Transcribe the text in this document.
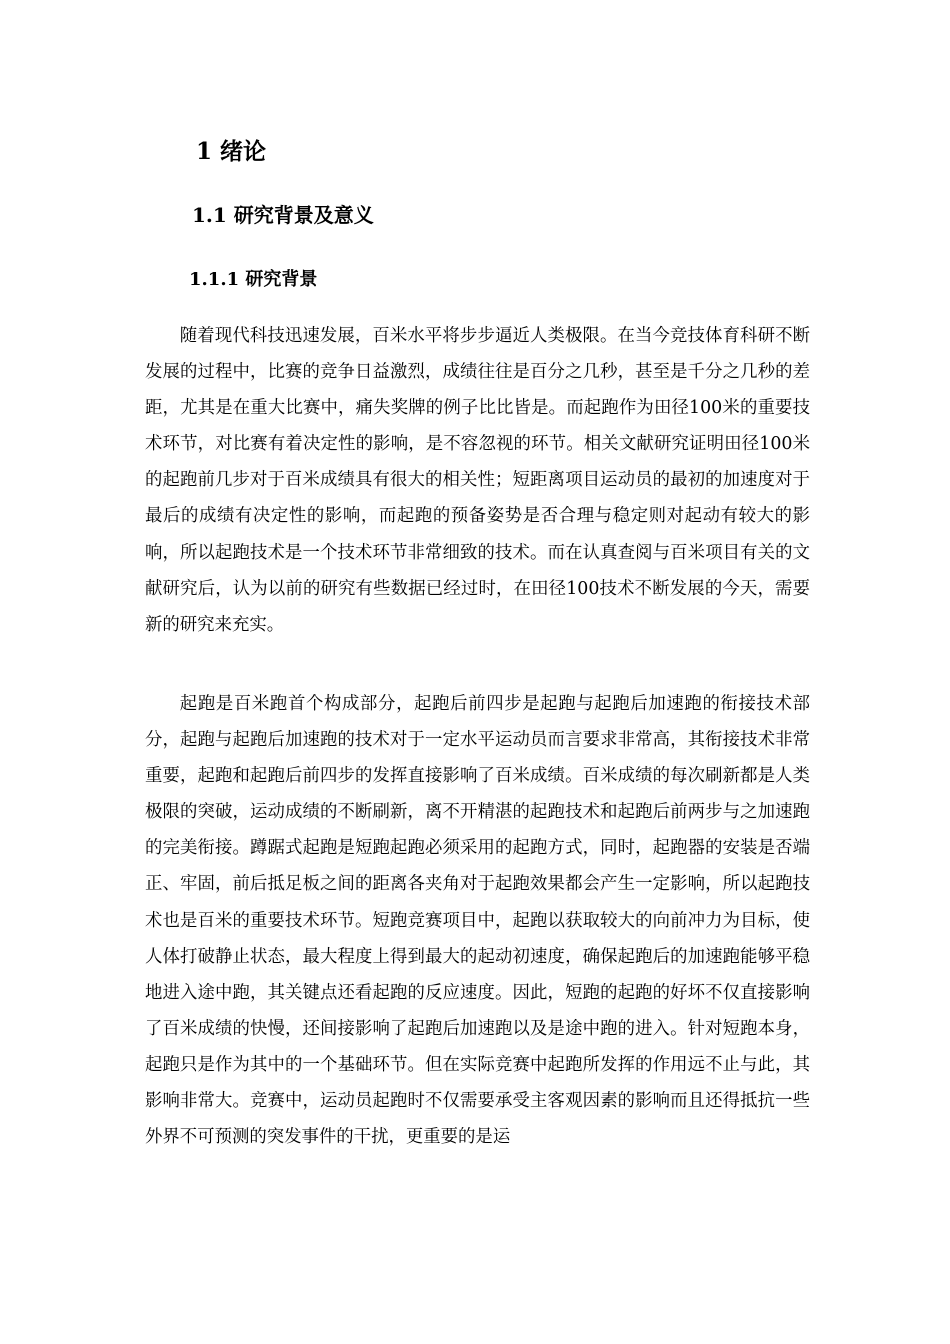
1 绪论
1.1 研究背景及意义
1.1.1 研究背景

随着现代科技迅速发展，百米水平将步步逼近人类极限。在当今竞技体育科研不断发展的过程中，比赛的竞争日益激烈，成绩往往是百分之几秒，甚至是千分之几秒的差距，尤其是在重大比赛中，痛失奖牌的例子比比皆是。而起跑作为田径100米的重要技术环节，对比赛有着决定性的影响，是不容忽视的环节。相关文献研究证明田径100米的起跑前几步对于百米成绩具有很大的相关性；短距离项目运动员的最初的加速度对于最后的成绩有决定性的影响，而起跑的预备姿势是否合理与稳定则对起动有较大的影响，所以起跑技术是一个技术环节非常细致的技术。而在认真查阅与百米项目有关的文献研究后，认为以前的研究有些数据已经过时，在田径100技术不断发展的今天，需要新的研究来充实。

起跑是百米跑首个构成部分，起跑后前四步是起跑与起跑后加速跑的衔接技术部分，起跑与起跑后加速跑的技术对于一定水平运动员而言要求非常高，其衔接技术非常重要，起跑和起跑后前四步的发挥直接影响了百米成绩。百米成绩的每次刷新都是人类极限的突破，运动成绩的不断刷新，离不开精湛的起跑技术和起跑后前两步与之加速跑的完美衔接。蹲踞式起跑是短跑起跑必须采用的起跑方式，同时，起跑器的安装是否端正、牢固，前后抵足板之间的距离各夹角对于起跑效果都会产生一定影响，所以起跑技术也是百米的重要技术环节。短跑竞赛项目中，起跑以获取较大的向前冲力为目标，使人体打破静止状态，最大程度上得到最大的起动初速度，确保起跑后的加速跑能够平稳地进入途中跑，其关键点还看起跑的反应速度。因此，短跑的起跑的好坏不仅直接影响了百米成绩的快慢，还间接影响了起跑后加速跑以及是途中跑的进入。针对短跑本身，起跑只是作为其中的一个基础环节。但在实际竞赛中起跑所发挥的作用远不止与此，其影响非常大。竞赛中，运动员起跑时不仅需要承受主客观因素的影响而且还得抵抗一些外界不可预测的突发事件的干扰，更重要的是运
